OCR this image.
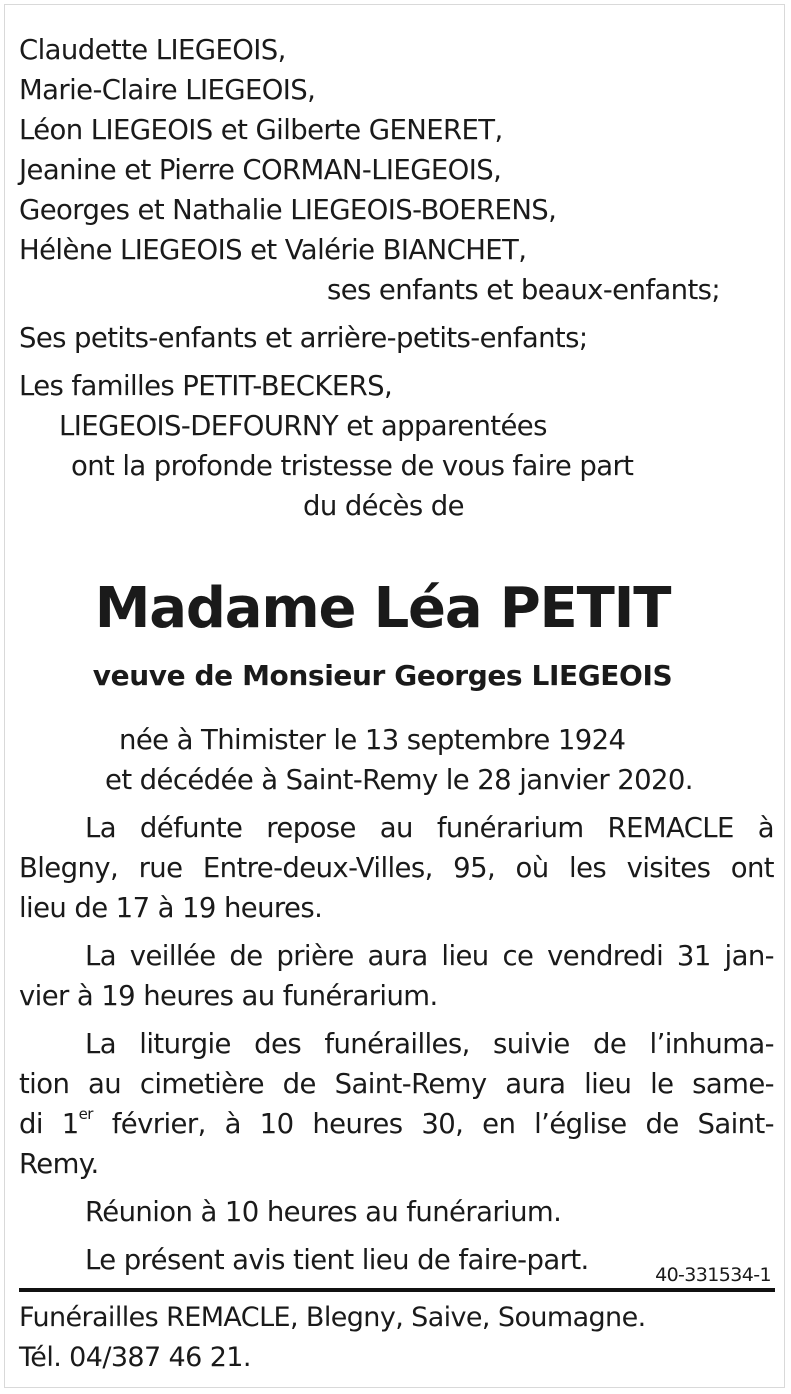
Claudette LIEGEOIS,
Marie-Claire LIEGEOIS,
Léon LIEGEOIS et Gilberte GENERET,
Jeanine et Pierre CORMAN-LIEGEOIS,
Georges et Nathalie LIEGEOIS-BOERENS,
Hélène LIEGEOIS et Valérie BIANCHET,
ses enfants et beaux-enfants;
Ses petits-enfants et arrière-petits-enfants;
Les familles PETIT-BECKERS,
LIEGEOIS-DEFOURNY et apparentées
ont la profonde tristesse de vous faire part
du décès de
Madame Léa PETIT
veuve de Monsieur Georges LIEGEOIS
née à Thimister le 13 septembre 1924
et décédée à Saint-Remy le 28 janvier 2020.
La défunte repose au funérarium REMACLE à
Blegny, rue Entre-deux-Villes, 95, où les visites ont
lieu de 17 à 19 heures.
La veillée de prière aura lieu ce vendredi 31 jan-
vier à 19 heures au funérarium.
La liturgie des funérailles, suivie de l’inhuma-
tion au cimetière de Saint-Remy aura lieu le same-
di 1er février, à 10 heures 30, en l’église de Saint-
Remy.
Réunion à 10 heures au funérarium.
Le présent avis tient lieu de faire-part.	40-331534-1
Funérailles REMACLE, Blegny, Saive, Soumagne.
Tél. 04/387 46 21.
